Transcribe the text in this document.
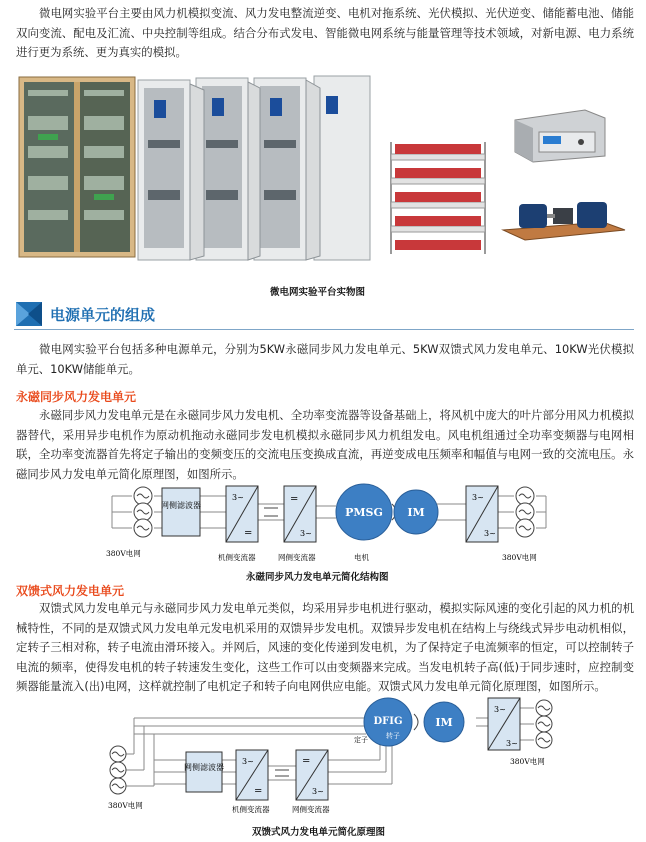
微电网实验平台主要由风力机模拟变流、风力发电整流逆变、电机对拖系统、光伏模拟、光伏逆变、储能蓄电池、储能双向变流、配电及汇流、中央控制等组成。结合分布式发电、智能微电网系统与能量管理等技术领域，对新电源、电力系统进行更为系统、更为真实的模拟。

微电网实验平台实物图
电源单元的组成

微电网实验平台包括多种电源单元，分别为5KW永磁同步风力发电单元、5KW双馈式风力发电单元、10KW光伏模拟单元、10KW储能单元。

永磁同步风力发电单元

永磁同步风力发电单元是在永磁同步风力发电机、全功率变流器等设备基础上，将风机中庞大的叶片部分用风力机模拟器替代，采用异步电机作为原动机拖动永磁同步发电机模拟永磁同步风力机组发电。风电机组通过全功率变频器与电网相联，全功率变流器首先将定子输出的变频变压的交流电压变换成直流，再逆变成电压频率和幅值与电网一致的交流电压。永磁同步风力发电单元简化原理图，如图所示。

网侧滤波器
3~
=
=
3~
PMSG IM
3~
3~
380V电网	机侧变流器	网侧变流器	电机	380V电网
永磁同步风力发电单元简化结构图
双馈式风力发电单元

双馈式风力发电单元与永磁同步风力发电单元类似，均采用异步电机进行驱动，模拟实际风速的变化引起的风力机的机械特性，不同的是双馈式风力发电单元发电机采用的双馈异步发电机。双馈异步发电机在结构上与绕线式异步电动机相似，定转子三相对称，转子电流由滑环接入。并网后，风速的变化传递到发电机，为了保持定子电流频率的恒定，可以控制转子电流的频率，使得发电机的转子转速发生变化，这些工作可以由变频器来完成。当发电机转子高(低)于同步速时，应控制变频器能量流入(出)电网，这样就控制了电机定子和转子向电网供应电能。双馈式风力发电单元简化原理图，如图所示。

DFIG
定子	转子
IM
3~
3~
网侧滤波器
3~
=
=
3~
380V电网
380V电网
机侧变流器	网侧变流器
双馈式风力发电单元简化原理图
